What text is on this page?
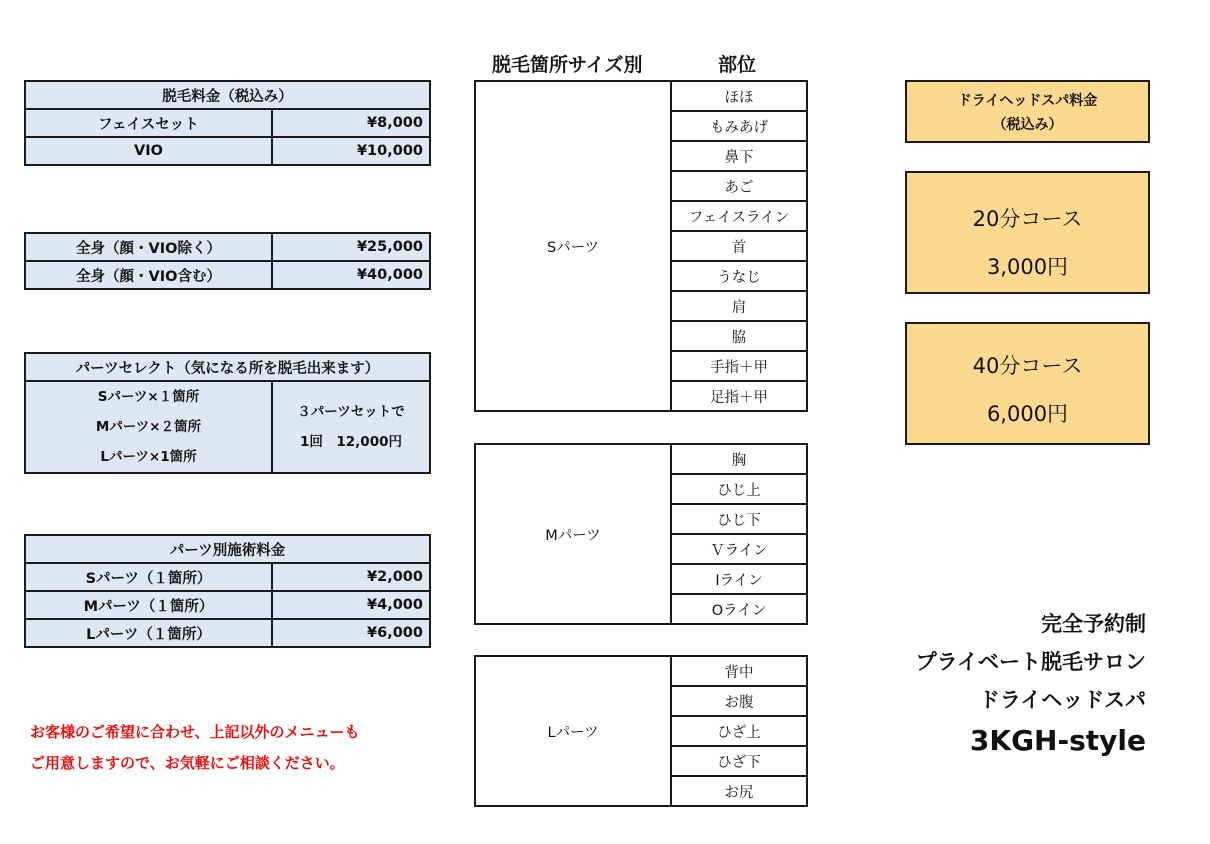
脱毛料金（税込み）	
フェイスセット	¥8,000
VIO	¥10,000
全身（顔・VIO除く）	¥25,000
全身（顔・VIO含む）	¥40,000
パーツセレクト（気になる所を脱毛出来ます）

Sパーツ×１箇所
Mパーツ×２箇所
Lパーツ×1箇所

３パーツセットで
1回　12,000円
パーツ別施術料金	
Sパーツ（１箇所）	¥2,000
Mパーツ（１箇所）	¥4,000
Lパーツ（１箇所）	¥6,000
お客様のご希望に合わせ、上記以外のメニューも
ご用意しますので、お気軽にご相談ください。
脱毛箇所サイズ別	部位
Sパーツ	ほほ
もみあげ
鼻下
あご
フェイスライン
首
うなじ
肩
脇
手指＋甲
足指＋甲
Mパーツ	胸
ひじ上
ひじ下
Ｖライン
Iライン
Oライン
Lパーツ	背中
お腹
ひざ上
ひざ下
お尻
ドライヘッドスパ料金
（税込み）
20分コース
3,000円
40分コース
6,000円
完全予約制
プライベート脱毛サロン
ドライヘッドスパ
3KGH-style
